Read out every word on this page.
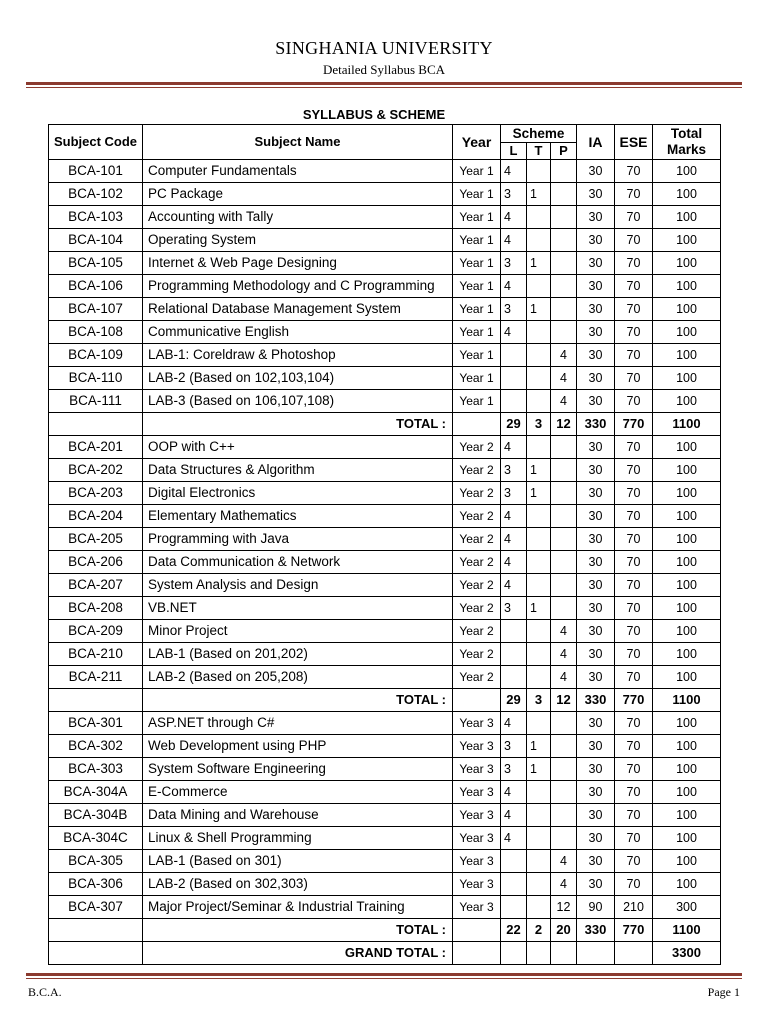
SINGHANIA UNIVERSITY
Detailed Syllabus BCA
SYLLABUS & SCHEME
Subject Code	Subject Name	Year	Scheme			IA	ESE	Total Marks
			L	T	P			
BCA-101	Computer Fundamentals	Year 1	4			30	70	100
BCA-102	PC Package	Year 1	3	1		30	70	100
BCA-103	Accounting with Tally	Year 1	4			30	70	100
BCA-104	Operating System	Year 1	4			30	70	100
BCA-105	Internet & Web Page Designing	Year 1	3	1		30	70	100
BCA-106	Programming Methodology and C Programming	Year 1	4			30	70	100
BCA-107	Relational Database Management System	Year 1	3	1		30	70	100
BCA-108	Communicative English	Year 1	4			30	70	100
BCA-109	LAB-1: Coreldraw & Photoshop	Year 1			4	30	70	100
BCA-110	LAB-2 (Based on 102,103,104)	Year 1			4	30	70	100
BCA-111	LAB-3 (Based on 106,107,108)	Year 1			4	30	70	100
	TOTAL :		29	3	12	330	770	1100
BCA-201	OOP with C++	Year 2	4			30	70	100
BCA-202	Data Structures & Algorithm	Year 2	3	1		30	70	100
BCA-203	Digital Electronics	Year 2	3	1		30	70	100
BCA-204	Elementary Mathematics	Year 2	4			30	70	100
BCA-205	Programming with Java	Year 2	4			30	70	100
BCA-206	Data Communication & Network	Year 2	4			30	70	100
BCA-207	System Analysis and Design	Year 2	4			30	70	100
BCA-208	VB.NET	Year 2	3	1		30	70	100
BCA-209	Minor Project	Year 2			4	30	70	100
BCA-210	LAB-1 (Based on 201,202)	Year 2			4	30	70	100
BCA-211	LAB-2 (Based on 205,208)	Year 2			4	30	70	100
	TOTAL :		29	3	12	330	770	1100
BCA-301	ASP.NET through C#	Year 3	4			30	70	100
BCA-302	Web Development using PHP	Year 3	3	1		30	70	100
BCA-303	System Software Engineering	Year 3	3	1		30	70	100
BCA-304A	E-Commerce	Year 3	4			30	70	100
BCA-304B	Data Mining and Warehouse	Year 3	4			30	70	100
BCA-304C	Linux & Shell Programming	Year 3	4			30	70	100
BCA-305	LAB-1 (Based on 301)	Year 3			4	30	70	100
BCA-306	LAB-2 (Based on 302,303)	Year 3			4	30	70	100
BCA-307	Major Project/Seminar & Industrial Training	Year 3			12	90	210	300
	TOTAL :		22	2	20	330	770	1100
	GRAND TOTAL :							3300
B.C.A.	Page 1
